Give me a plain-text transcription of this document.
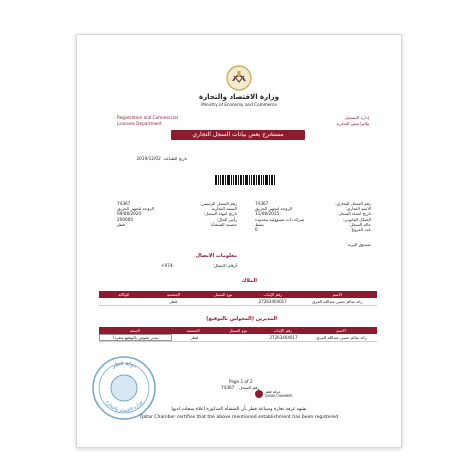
وزارة الاقتصاد والتجارة
Ministry of Economy and Commerce
Registration and Commercial
Licenses Department
إدارة التسجيل
والتراخيص التجارية
مستخرج بعض بيانات السجل التجاري
تاريخ الطباعة:
2019/12/02
رقم السجل التجاري:
74367
الاسم التجاري:
الزوجة لتجهيز الحريق
تاريخ انشاء السجل:
11/08/2015
الشكل القانوني:
شركة ذات مسؤولية محدودة
حالة السجل:
نشط
عدد الفروع:
0
رقم السجل الرئيسي:
74367
السمة التجارية:
الزوجة لتجهيز الحريق
تاريخ انتهاء السجل:
09/08/2020
رأس المال:
200000
جنسية المنشأة:
قطر
صندوق البريد:
معلومات الاتصال
أرقام الاتصال:
+974-
الملاك
الاسم
رقم الإثبات
نوع السجل
الجنسية
الوكالة
رائد سالم حسن عبدالله المري
27263404017
قطر
المديرين (المخولين بالتوقيع)
الاسم
رقم الإثبات
نوع السجل
الجنسية
الصفة
رائد سالم حسن عبدالله المري
27263404017
قطر
مدير مفوض بالتوقيع منفرداً
دولة قطر
وزارة الاقتصاد والتجارة
Page 1 of 2
رقم السجل :
74367
غرفة قطر
QATAR CHAMBER
تشهد غرفة تجارة وصناعة قطر بأن المنشأة المذكورة أعلاه سجلت لديها
Qatar Chamber certifies that the above mentioned establishment has been registered
